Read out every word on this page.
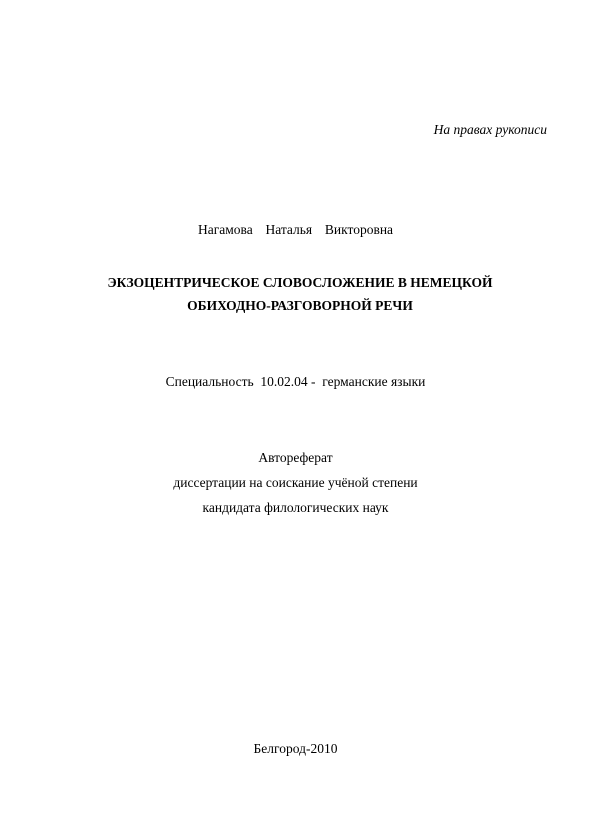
На правах рукописи
Нагамова  Наталья  Викторовна
ЭКЗОЦЕНТРИЧЕСКОЕ СЛОВОСЛОЖЕНИЕ В НЕМЕЦКОЙ
ОБИХОДНО-РАЗГОВОРНОЙ РЕЧИ
Специальность  10.02.04 -  германские языки
Автореферат
диссертации на соискание учёной степени
кандидата филологических наук
Белгород-2010
